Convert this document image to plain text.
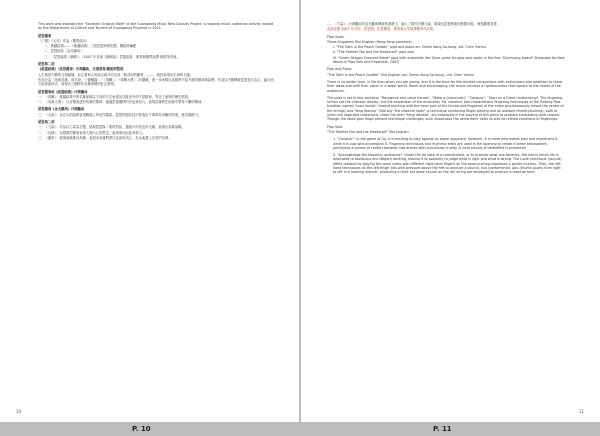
This work was awarded the "Excellent Original Work" of the Guangdong Music New Classics Project, a regional music collection activity hosted by the Department of Culture and Tourism of Guangdong Province in 2021.

琵琶獨奏

《三國》《大羽》作品（獨奏曲目）

一、桃園結義——《桃園結義》三曲琵琶與管弦樂，陳振坤編配

二、琵琶協奏《金戈鐵馬》

三、「琵琶協奏《鑄劍》」（2007 年首演《鑄劍曲》琵琶協奏，重奏與鋼琴演繹 孫懿等首演。

琵琶與二胡

《桃園結義》（琵琶獨奏）沙漠鵬曲，沈瀅演奏/陳振坤整理

人生就是不斷的互相碰撞，而主要與人的結合與共同完成一個共同的願景，……，最終表現出生命的主題。

作品分為「造就英雄」前半段；「（覺醒篇）」「（再戰）」「（再戰大勇）」的磨練，進一步表現出英雄們不屈不撓的精神與氣勢。作品以中國傳統琵琶技巧為主，融合西方協奏曲形式，表現出三國時代英雄豪傑的壯志豪情。

琵琶獨奏曲《桃園結義》沙漠鵬曲

一、（再戰）：桃園結義中的英雄豪傑以不同的方式表現出在亂世中的不屈精神，寄託了深厚的歷史情感。

二、（英雄大勇）：以音樂表達對英雄的敬仰，通過琵琶獨特的音色與技巧，表現英雄們在困境中堅持不懈的精神。

琵琶獨奏《金戈鐵馬》沙漠鵬曲

三、（大氣）：以宏大的氣勢表現戰場上的壯烈場面，琵琶的掃弦技巧營造出千軍萬馬奔騰的效果，極具震撼力。

琵琶與二胡

一、（力量）：作品以力量為主題，展現琵琶與二胡的對話，通過不同音色的交織，表現出英雄氣概。

二、（沈穩）：以穩重的節奏表現人物內心的堅定，旋律深沉而富有張力。

三、（激昂）：旋律逐漸推向高潮，表現出英雄們勇往直前的決心，為全曲畫上完美的句號。

10

二、（力量）：沙漠鵬曲作品在繼承傳統的基礎上，融入了現代音樂元素，展現出琵琶藝術的無限可能，深受聽眾喜愛。

此曲榮獲 2007 年首屆「琵琶獎」琵琶獨奏，重奏與合奏演繹優秀作品獎。

Pipa Suite:

Three Kingdoms Sha Jinghan (Hong Kong premiere)

I. "The Oath in the Peach Garden" pipa and piano arr. Simon Kong Sa-hong, vid. Chen Yuehui

II. "The Feather Fan and the Headscarf" pipa solo

III. "Green Dragon Crescent Blade" pipa with ensemble (for Silver pulse for pipa solo works in the first "Dunhuang Award" Showcase for New Works in Pipa Solo and Ensemble, 2007)

Pipa and Piano:

"The Oath in the Peach Garden" Sha Jinghan (arr. Simon Kong Sa-hong), vid. Chen Yuehui

There is no better time, in life than when you are young, and it is the time for like-minded companions with enthusiasm and ambition to share their ideas and fulfil their vision in a wider world. Warm and encouraging, the music conveys a righteousness that speaks to the hearts of the audiences.

The suite is set in four sections: "Recognise and value heroes", "Make a Grand plan", "Conquer", "Start on a Great Undertaking". The fingering serves not the virtuosic display, but the expression of the musicality. For instance, two characteristic fingering techniques of the Pudong Pipa tradition named "suan lonala" (inward plucking with the fresh part of the thumb and fingernail of the index simultaneously meant the centre of the strings) and "feng dianluo" (literally "the phoenix nods", a technique combining finger-picking and an outward thumb plucking), both of which are regarded collectively under the term "feng dianluo", are employed in the playing of this piece to produce contrasting tone colours. Though the rapid gear leaps present technique challenges, such showcases the performers' skills as well as refined command of fingerings.

Pipa Solo:

"The Feather Fan and the Headscarf" Sha Jinghan

1. "Conquer": In the game of Go, it is exciting to play against an equal opponent. However, it is more who makes plan and implement it, while it is cool who accomplish it. Fingering techniques and rhythmic traits are used in the opening to create a tense atmosphere, portraying a scenes of conflict between two armies with successive cruelty. A vivid picture of battlefield is presented.

2. "Acknowledge the heavenly ordinance": Under the fat sake of a commitment, or to practice what one believes, the hero's entire life is dedicated to assiduous and diligent working, leaving it to posterity to judge what is right and what is wrong. The Lundi technique (rounds) effect realised by playing the same notes with different right-hand fingers on the second string expresses a gentle murmur. Then, the left-hand techniques do this left finger bits with pressure above the fret to produce a sound), hua (portamento), gou (thumb plucks from right to left in a hooking manner, producing a thick but loose sound) on the 4th string are employed to produce a resolute tone.

11
P. 10	P. 11
